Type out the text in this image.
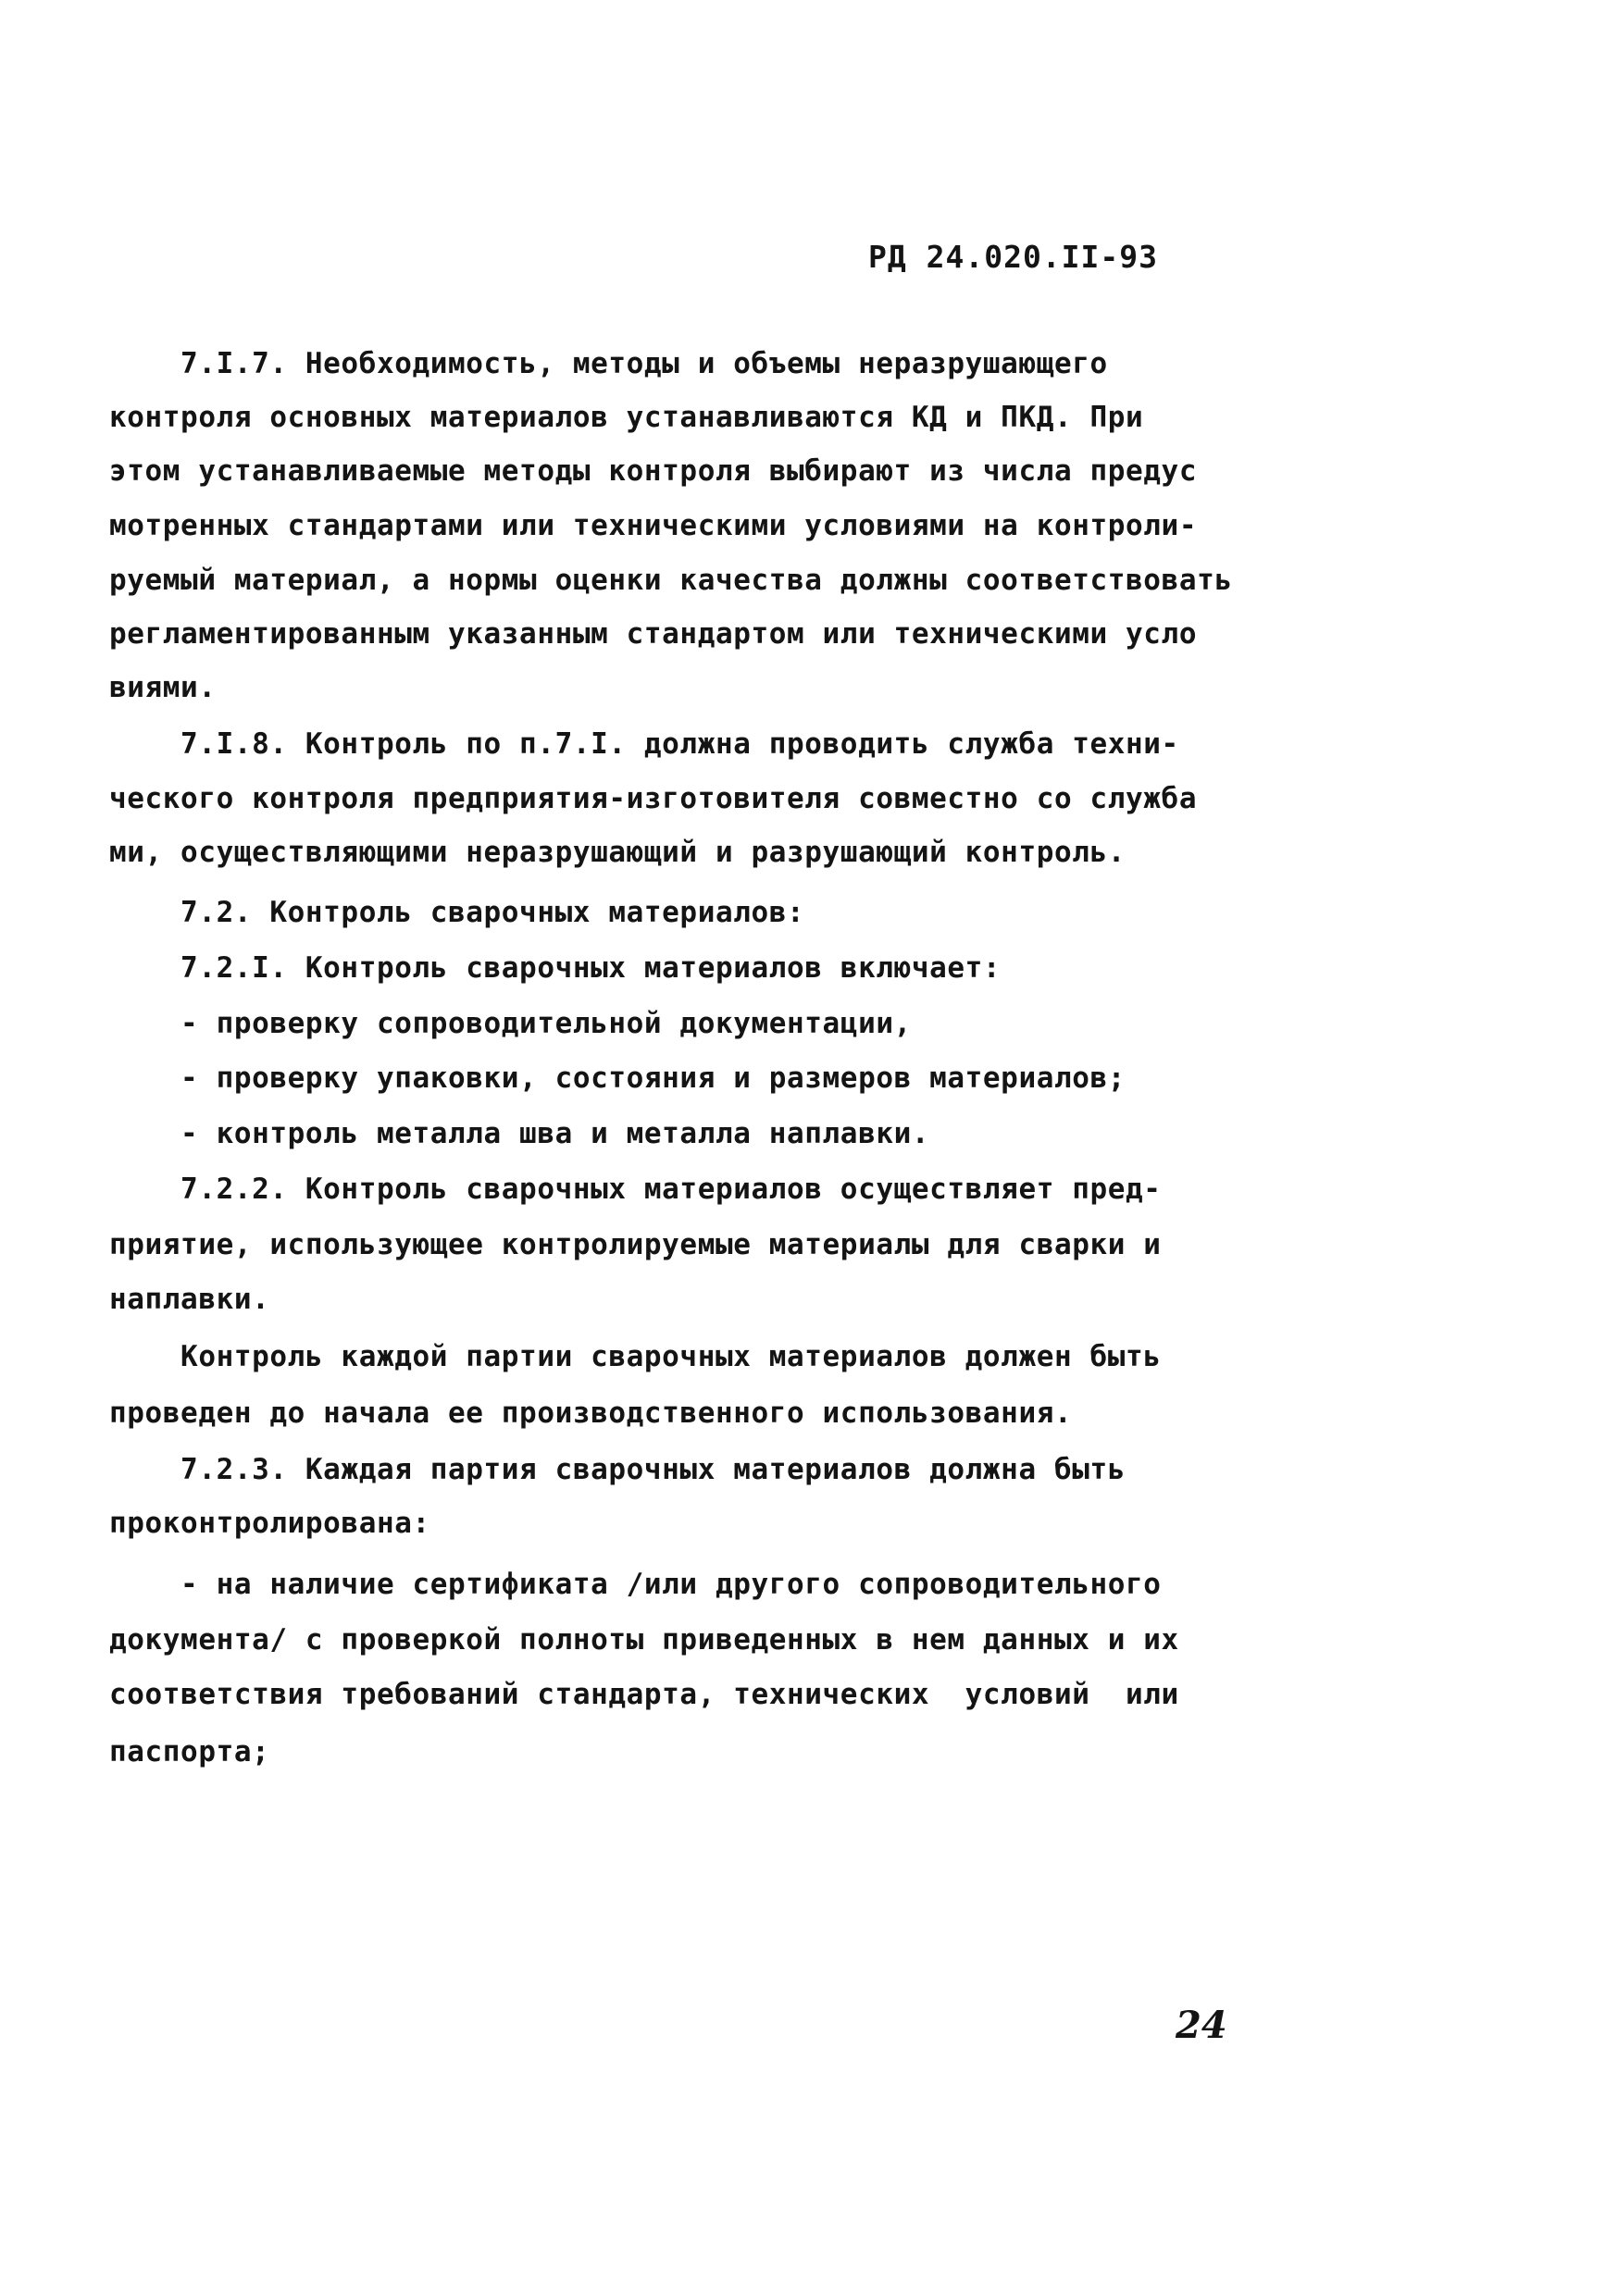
РД 24.020.II-93
7.I.7. Необходимость, методы и объемы неразрушающего
контроля основных материалов устанавливаются КД и ПКД. При
этом устанавливаемые методы контроля выбирают из числа предус
мотренных стандартами или техническими условиями на контроли-
руемый материал, а нормы оценки качества должны соответствовать
регламентированным указанным стандартом или техническими усло
виями.
7.I.8. Контроль по п.7.I. должна проводить служба техни-
ческого контроля предприятия-изготовителя совместно со службa
ми, осуществляющими неразрушающий и разрушающий контроль.
7.2. Контроль сварочных материалов:
7.2.I. Контроль сварочных материалов включает:
- проверку сопроводительной документации,
- проверку упаковки, состояния и размеров материалов;
- контроль металла шва и металла наплавки.
7.2.2. Контроль сварочных материалов осуществляет пред-
приятие, использующее контролируемые материалы для сварки и
наплавки.
Контроль каждой партии сварочных материалов должен быть
проведен до начала ее производственного использования.
7.2.3. Каждая партия сварочных материалов должна быть
проконтролирована:
- на наличие сертификата /или другого сопроводительного
документа/ с проверкой полноты приведенных в нем данных и их
соответствия требований стандарта, технических  условий  или
паспорта;
24
